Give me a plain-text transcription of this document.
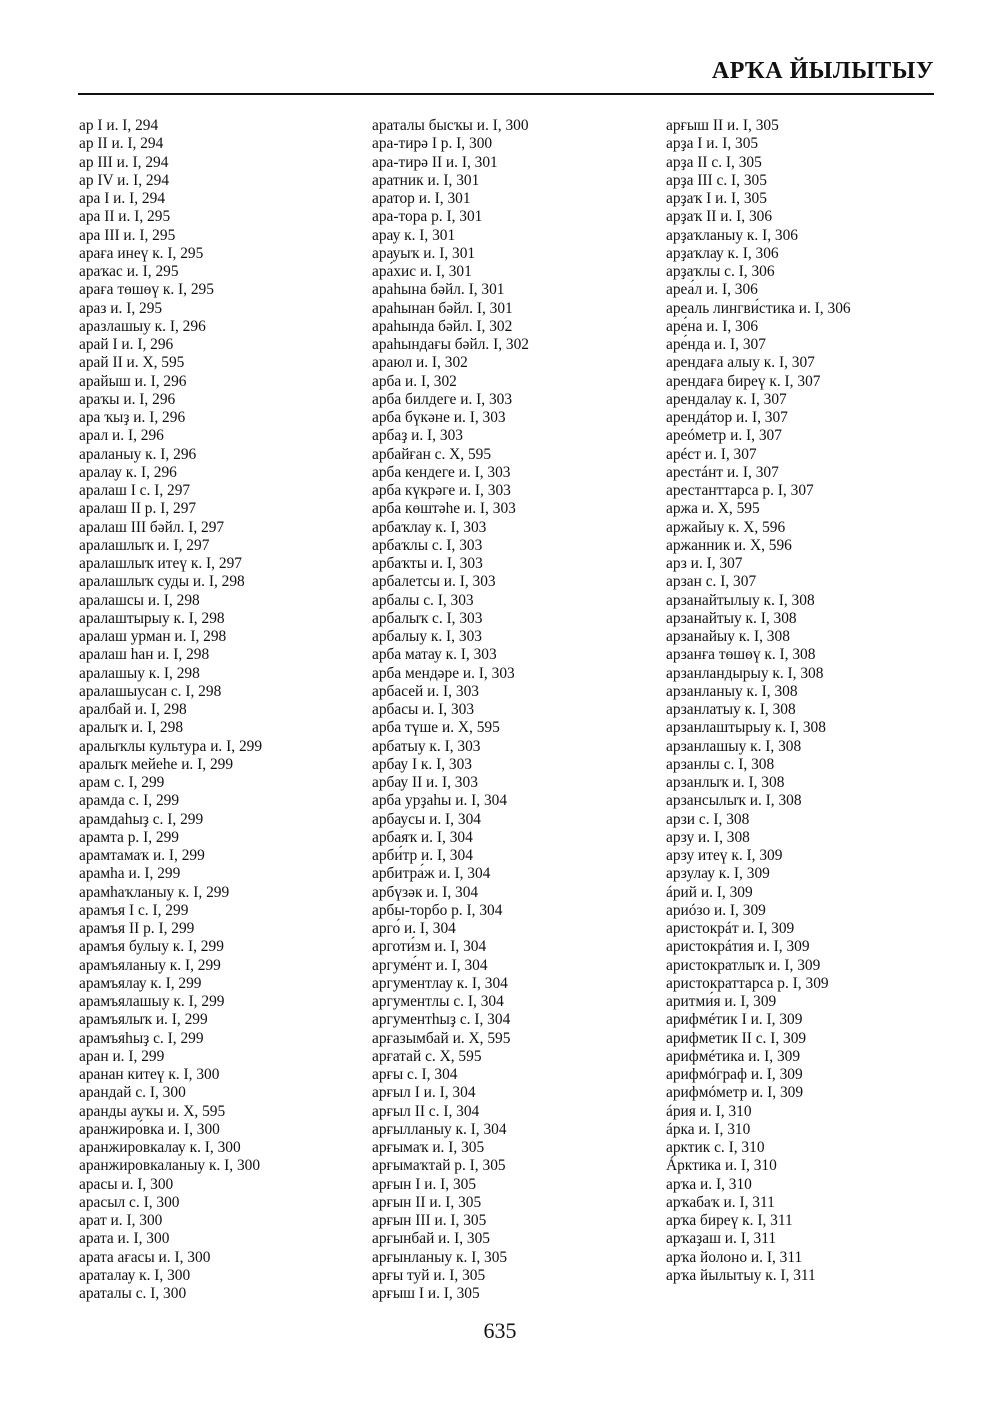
АРҠА ЙЫЛЫТЫУ
ар I и. I, 294
ар II и. I, 294
ар III и. I, 294
ар IV и. I, 294
ара I и. I, 294
ара II и. I, 295
ара III и. I, 295
араға инеү к. I, 295
араҡас и. I, 295
араға төшөү к. I, 295
араз и. I, 295
аразлашыу к. I, 296
арай I и. I, 296
арай II и. X, 595
арайыш и. I, 296
араҡы и. I, 296
ара ҡыҙ и. I, 296
арал и. I, 296
араланыу к. I, 296
аралау к. I, 296
аралаш I с. I, 297
аралаш II р. I, 297
аралаш III бәйл. I, 297
аралашлыҡ и. I, 297
аралашлыҡ итеү к. I, 297
аралашлыҡ суды и. I, 298
аралашсы и. I, 298
аралаштырыу к. I, 298
аралаш урман и. I, 298
аралаш һан и. I, 298
аралашыу к. I, 298
аралашыусан с. I, 298
аралбай и. I, 298
аралыҡ и. I, 298
аралыҡлы культура и. I, 299
аралыҡ мейеһе и. I, 299
арам с. I, 299
арамда с. I, 299
арамдаһыҙ с. I, 299
арамта р. I, 299
арамтамаҡ и. I, 299
арамһа и. I, 299
арамһаҡланыу к. I, 299
арамъя I с. I, 299
арамъя II р. I, 299
арамъя булыу к. I, 299
арамъяланыу к. I, 299
арамъялау к. I, 299
арамъялашыу к. I, 299
арамъялыҡ и. I, 299
арамъяһыҙ с. I, 299
аран и. I, 299
аранан китеү к. I, 300
арандай с. I, 300
аранды ауҡы и. X, 595
аранжиро́вка и. I, 300
аранжировкалау к. I, 300
аранжировкаланыу к. I, 300
арасы и. I, 300
арасыл с. I, 300
арат и. I, 300
арата и. I, 300
арата ағасы и. I, 300
араталау к. I, 300
араталы с. I, 300
араталы бысҡы и. I, 300
ара-тирә I р. I, 300
ара-тирә II и. I, 301
аратник и. I, 301
аратор и. I, 301
ара-тора р. I, 301
арау к. I, 301
арауыҡ и. I, 301
ара́хис и. I, 301
араһына бәйл. I, 301
араһынан бәйл. I, 301
араһында бәйл. I, 302
араһындағы бәйл. I, 302
араюл и. I, 302
арба и. I, 302
арба билдеге и. I, 303
арба бүкәне и. I, 303
арбаҙ и. I, 303
арбайған с. X, 595
арба кендеге и. I, 303
арба күкрәге и. I, 303
арба көштәһе и. I, 303
арбаҡлау к. I, 303
арбаҡлы с. I, 303
арбаҡты и. I, 303
арбалетсы и. I, 303
арбалы с. I, 303
арбалыҡ с. I, 303
арбалыу к. I, 303
арба матау к. I, 303
арба мендәре и. I, 303
арбасей и. I, 303
арбасы и. I, 303
арба түше и. X, 595
арбатыу к. I, 303
арбау I к. I, 303
арбау II и. I, 303
арба урҙаһы и. I, 304
арбаусы и. I, 304
арбаяҡ и. I, 304
арби́тр и. I, 304
арбитра́ж и. I, 304
арбүзәк и. I, 304
арбы-торбо р. I, 304
арго́ и. I, 304
арготи́зм и. I, 304
аргуме́нт и. I, 304
аргументлау к. I, 304
аргументлы с. I, 304
аргументһыҙ с. I, 304
арғазымбай и. X, 595
арғатай с. X, 595
арғы с. I, 304
арғыл I и. I, 304
арғыл II с. I, 304
арғылланыу к. I, 304
арғымаҡ и. I, 305
арғымаҡтай р. I, 305
арғын I и. I, 305
арғын II и. I, 305
арғын III и. I, 305
арғынбай и. I, 305
арғынланыу к. I, 305
арғы туй и. I, 305
арғыш I и. I, 305
арғыш II и. I, 305
арҙа I и. I, 305
арҙа II с. I, 305
арҙа III с. I, 305
арҙаҡ I и. I, 305
арҙаҡ II и. I, 306
арҙаҡланыу к. I, 306
арҙаҡлау к. I, 306
арҙаҡлы с. I, 306
ареа́л и. I, 306
ареаль лингви́стика и. I, 306
аре́на и. I, 306
аре́нда и. I, 307
арендаға алыу к. I, 307
арендаға биреү к. I, 307
арендалау к. I, 307
арендáтор и. I, 307
ареóметр и. I, 307
арéст и. I, 307
арестáнт и. I, 307
арестанттарса р. I, 307
аржа и. X, 595
аржайыу к. X, 596
аржанник и. X, 596
арз и. I, 307
арзан с. I, 307
арзанайтылыу к. I, 308
арзанайтыу к. I, 308
арзанайыу к. I, 308
арзанға төшөү к. I, 308
арзанландырыу к. I, 308
арзанланыу к. I, 308
арзанлатыу к. I, 308
арзанлаштырыу к. I, 308
арзанлашыу к. I, 308
арзанлы с. I, 308
арзанлыҡ и. I, 308
арзансылыҡ и. I, 308
арзи с. I, 308
арзу и. I, 308
арзу итеү к. I, 309
арзулау к. I, 309
áрий и. I, 309
ариóзо и. I, 309
аристокрáт и. I, 309
аристокрáтия и. I, 309
аристократлыҡ и. I, 309
аристократтарса р. I, 309
аритми́я и. I, 309
арифмéтик I и. I, 309
арифметик II с. I, 309
арифмéтика и. I, 309
арифмóграф и. I, 309
арифмóметр и. I, 309
áрия и. I, 310
áрка и. I, 310
арктик с. I, 310
Áрктика и. I, 310
арҡа и. I, 310
арҡабаҡ и. I, 311
арҡа биреү к. I, 311
арҡаҙаш и. I, 311
арҡа йолоно и. I, 311
арҡа йылытыу к. I, 311
635
